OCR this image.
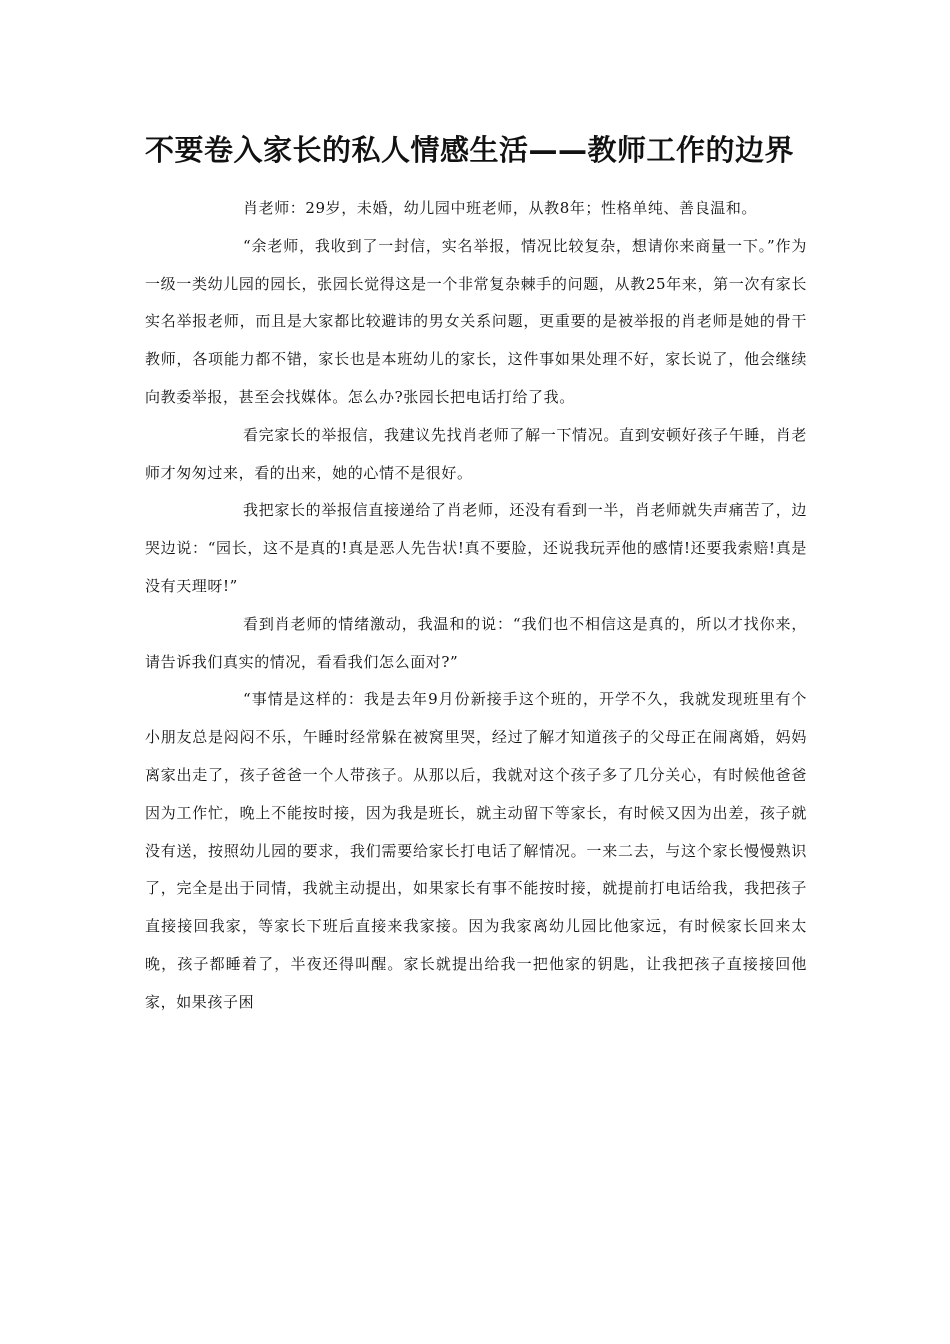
不要卷入家长的私人情感生活——教师工作的边界

肖老师：29岁，未婚，幼儿园中班老师，从教8年；性格单纯、善良温和。

“余老师，我收到了一封信，实名举报，情况比较复杂，想请你来商量一下。”作为一级一类幼儿园的园长，张园长觉得这是一个非常复杂棘手的问题，从教25年来，第一次有家长实名举报老师，而且是大家都比较避讳的男女关系问题，更重要的是被举报的肖老师是她的骨干教师，各项能力都不错，家长也是本班幼儿的家长，这件事如果处理不好，家长说了，他会继续向教委举报，甚至会找媒体。怎么办?张园长把电话打给了我。

看完家长的举报信，我建议先找肖老师了解一下情况。直到安顿好孩子午睡，肖老师才匆匆过来，看的出来，她的心情不是很好。

我把家长的举报信直接递给了肖老师，还没有看到一半，肖老师就失声痛苦了，边哭边说：“园长，这不是真的!真是恶人先告状!真不要脸，还说我玩弄他的感情!还要我索赔!真是没有天理呀!”

看到肖老师的情绪激动，我温和的说：“我们也不相信这是真的，所以才找你来，请告诉我们真实的情况，看看我们怎么面对?”

“事情是这样的：我是去年9月份新接手这个班的，开学不久，我就发现班里有个小朋友总是闷闷不乐，午睡时经常躲在被窝里哭，经过了解才知道孩子的父母正在闹离婚，妈妈离家出走了，孩子爸爸一个人带孩子。从那以后，我就对这个孩子多了几分关心，有时候他爸爸因为工作忙，晚上不能按时接，因为我是班长，就主动留下等家长，有时候又因为出差，孩子就没有送，按照幼儿园的要求，我们需要给家长打电话了解情况。一来二去，与这个家长慢慢熟识了，完全是出于同情，我就主动提出，如果家长有事不能按时接，就提前打电话给我，我把孩子直接接回我家，等家长下班后直接来我家接。因为我家离幼儿园比他家远，有时候家长回来太晚，孩子都睡着了，半夜还得叫醒。家长就提出给我一把他家的钥匙，让我把孩子直接接回他家，如果孩子困
